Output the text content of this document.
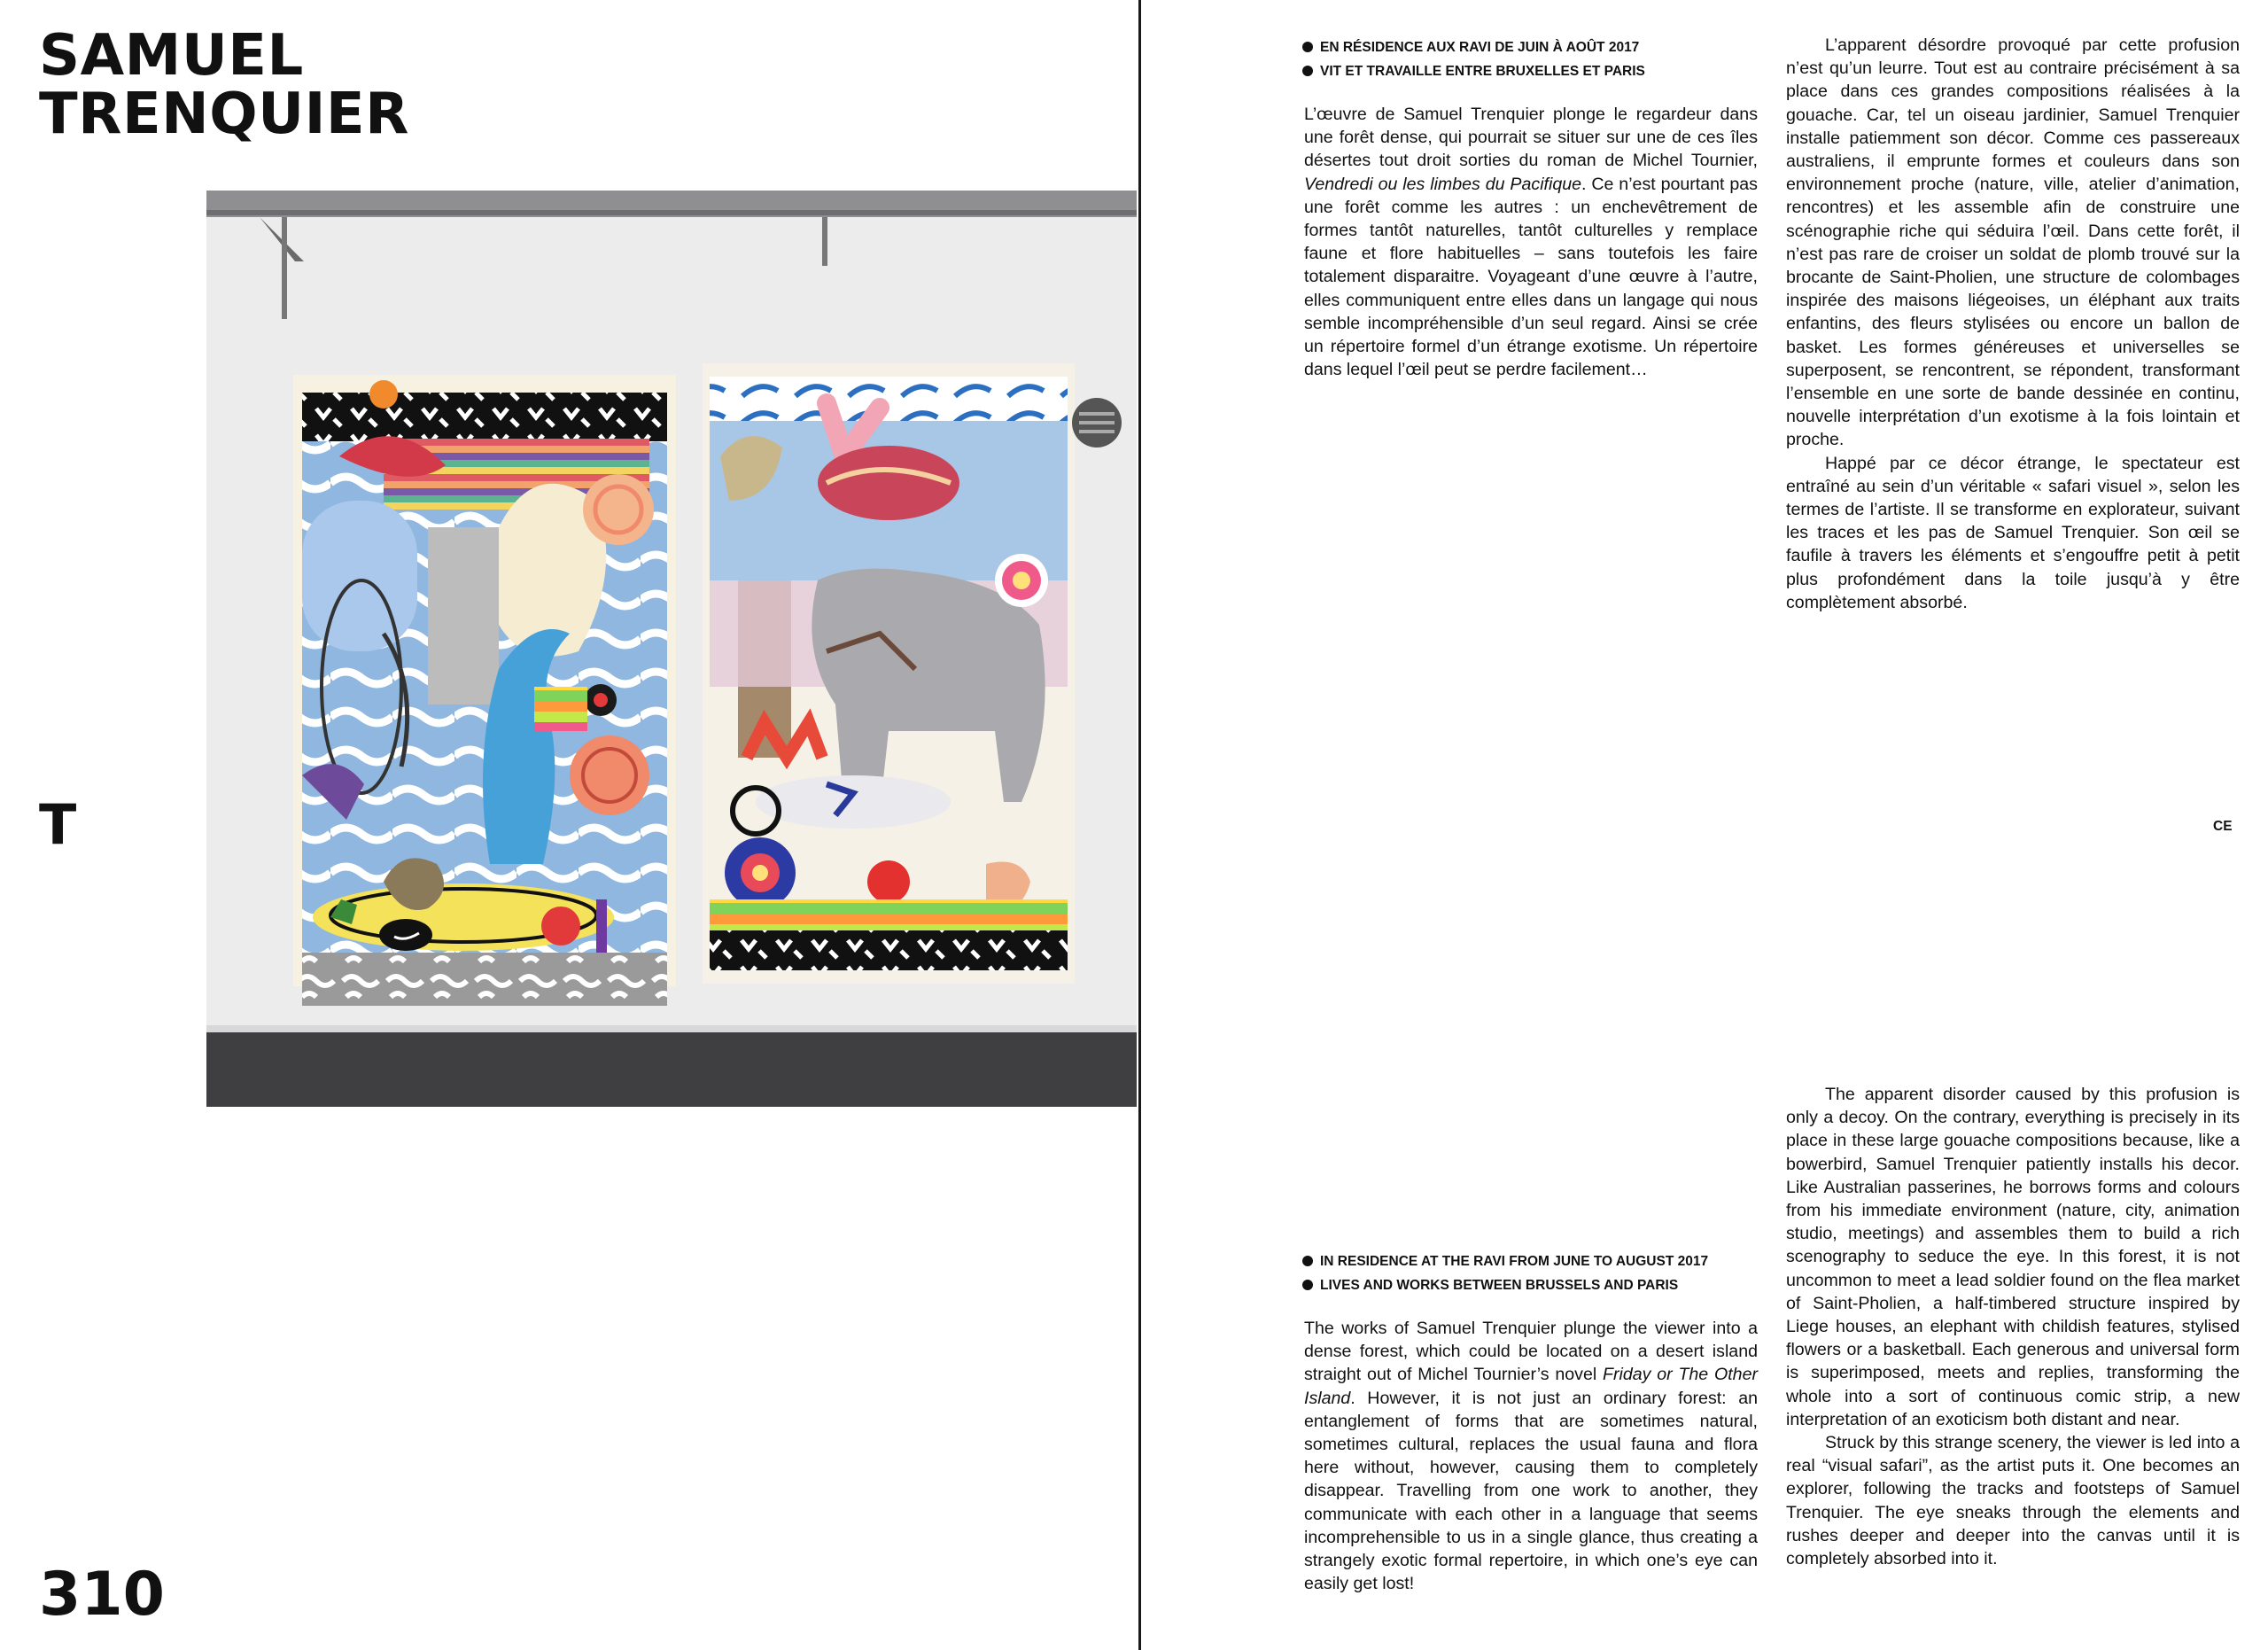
SAMUEL TRENQUIER
T
310
EN RÉSIDENCE AUX RAVI DE JUIN À AOÛT 2017
VIT ET TRAVAILLE ENTRE BRUXELLES ET PARIS

L’œuvre de Samuel Trenquier plonge le regardeur dans une forêt dense, qui pourrait se situer sur une de ces îles désertes tout droit sorties du roman de Michel Tournier, Vendredi ou les limbes du Pacifique. Ce n’est pourtant pas une forêt comme les autres : un enchevêtrement de formes tantôt naturelles, tantôt culturelles y remplace faune et flore habituelles – sans toutefois les faire totalement disparaitre. Voyageant d’une œuvre à l’autre, elles communiquent entre elles dans un langage qui nous semble incompréhensible d’un seul regard. Ainsi se crée un répertoire formel d’un étrange exotisme. Un répertoire dans lequel l’œil peut se perdre facilement…

L’apparent désordre provoqué par cette profusion n’est qu’un leurre. Tout est au contraire précisément à sa place dans ces grandes compositions réalisées à la gouache. Car, tel un oiseau jardinier, Samuel Trenquier installe patiemment son décor. Comme ces passereaux australiens, il emprunte formes et couleurs dans son environnement proche (nature, ville, atelier d’animation, rencontres) et les assemble afin de construire une scénographie riche qui séduira l’œil. Dans cette forêt, il n’est pas rare de croiser un soldat de plomb trouvé sur la brocante de Saint-Pholien, une structure de colombages inspirée des maisons liégeoises, un éléphant aux traits enfantins, des fleurs stylisées ou encore un ballon de basket. Les formes généreuses et universelles se superposent, se rencontrent, se répondent, transformant l’ensemble en une sorte de bande dessinée en continu, nouvelle interprétation d’un exotisme à la fois lointain et proche.

Happé par ce décor étrange, le spectateur est entraîné au sein d’un véritable « safari visuel », selon les termes de l’artiste. Il se transforme en explorateur, suivant les traces et les pas de Samuel Trenquier. Son œil se faufile à travers les éléments et s’engouffre petit à petit plus profondément dans la toile jusqu’à y être complètement absorbé.

CE
IN RESIDENCE AT THE RAVI FROM JUNE TO AUGUST 2017
LIVES AND WORKS BETWEEN BRUSSELS AND PARIS

The works of Samuel Trenquier plunge the viewer into a dense forest, which could be located on a desert island straight out of Michel Tournier’s novel Friday or The Other Island. However, it is not just an ordinary forest: an entanglement of forms that are sometimes natural, sometimes cultural, replaces the usual fauna and flora here without, however, causing them to completely disappear. Travelling from one work to another, they communicate with each other in a language that seems incomprehensible to us in a single glance, thus creating a strangely exotic formal repertoire, in which one’s eye can easily get lost!

The apparent disorder caused by this profusion is only a decoy. On the contrary, everything is precisely in its place in these large gouache compositions because, like a bowerbird, Samuel Trenquier patiently installs his decor. Like Australian passerines, he borrows forms and colours from his immediate environment (nature, city, animation studio, meetings) and assembles them to build a rich scenography to seduce the eye. In this forest, it is not uncommon to meet a lead soldier found on the flea market of Saint-Pholien, a half-timbered structure inspired by Liege houses, an elephant with childish features, stylised flowers or a basketball. Each generous and universal form is superimposed, meets and replies, transforming the whole into a sort of continuous comic strip, a new interpretation of an exoticism both distant and near.

Struck by this strange scenery, the viewer is led into a real “visual safari”, as the artist puts it. One becomes an explorer, following the tracks and footsteps of Samuel Trenquier. The eye sneaks through the elements and rushes deeper and deeper into the canvas until it is completely absorbed into it.
